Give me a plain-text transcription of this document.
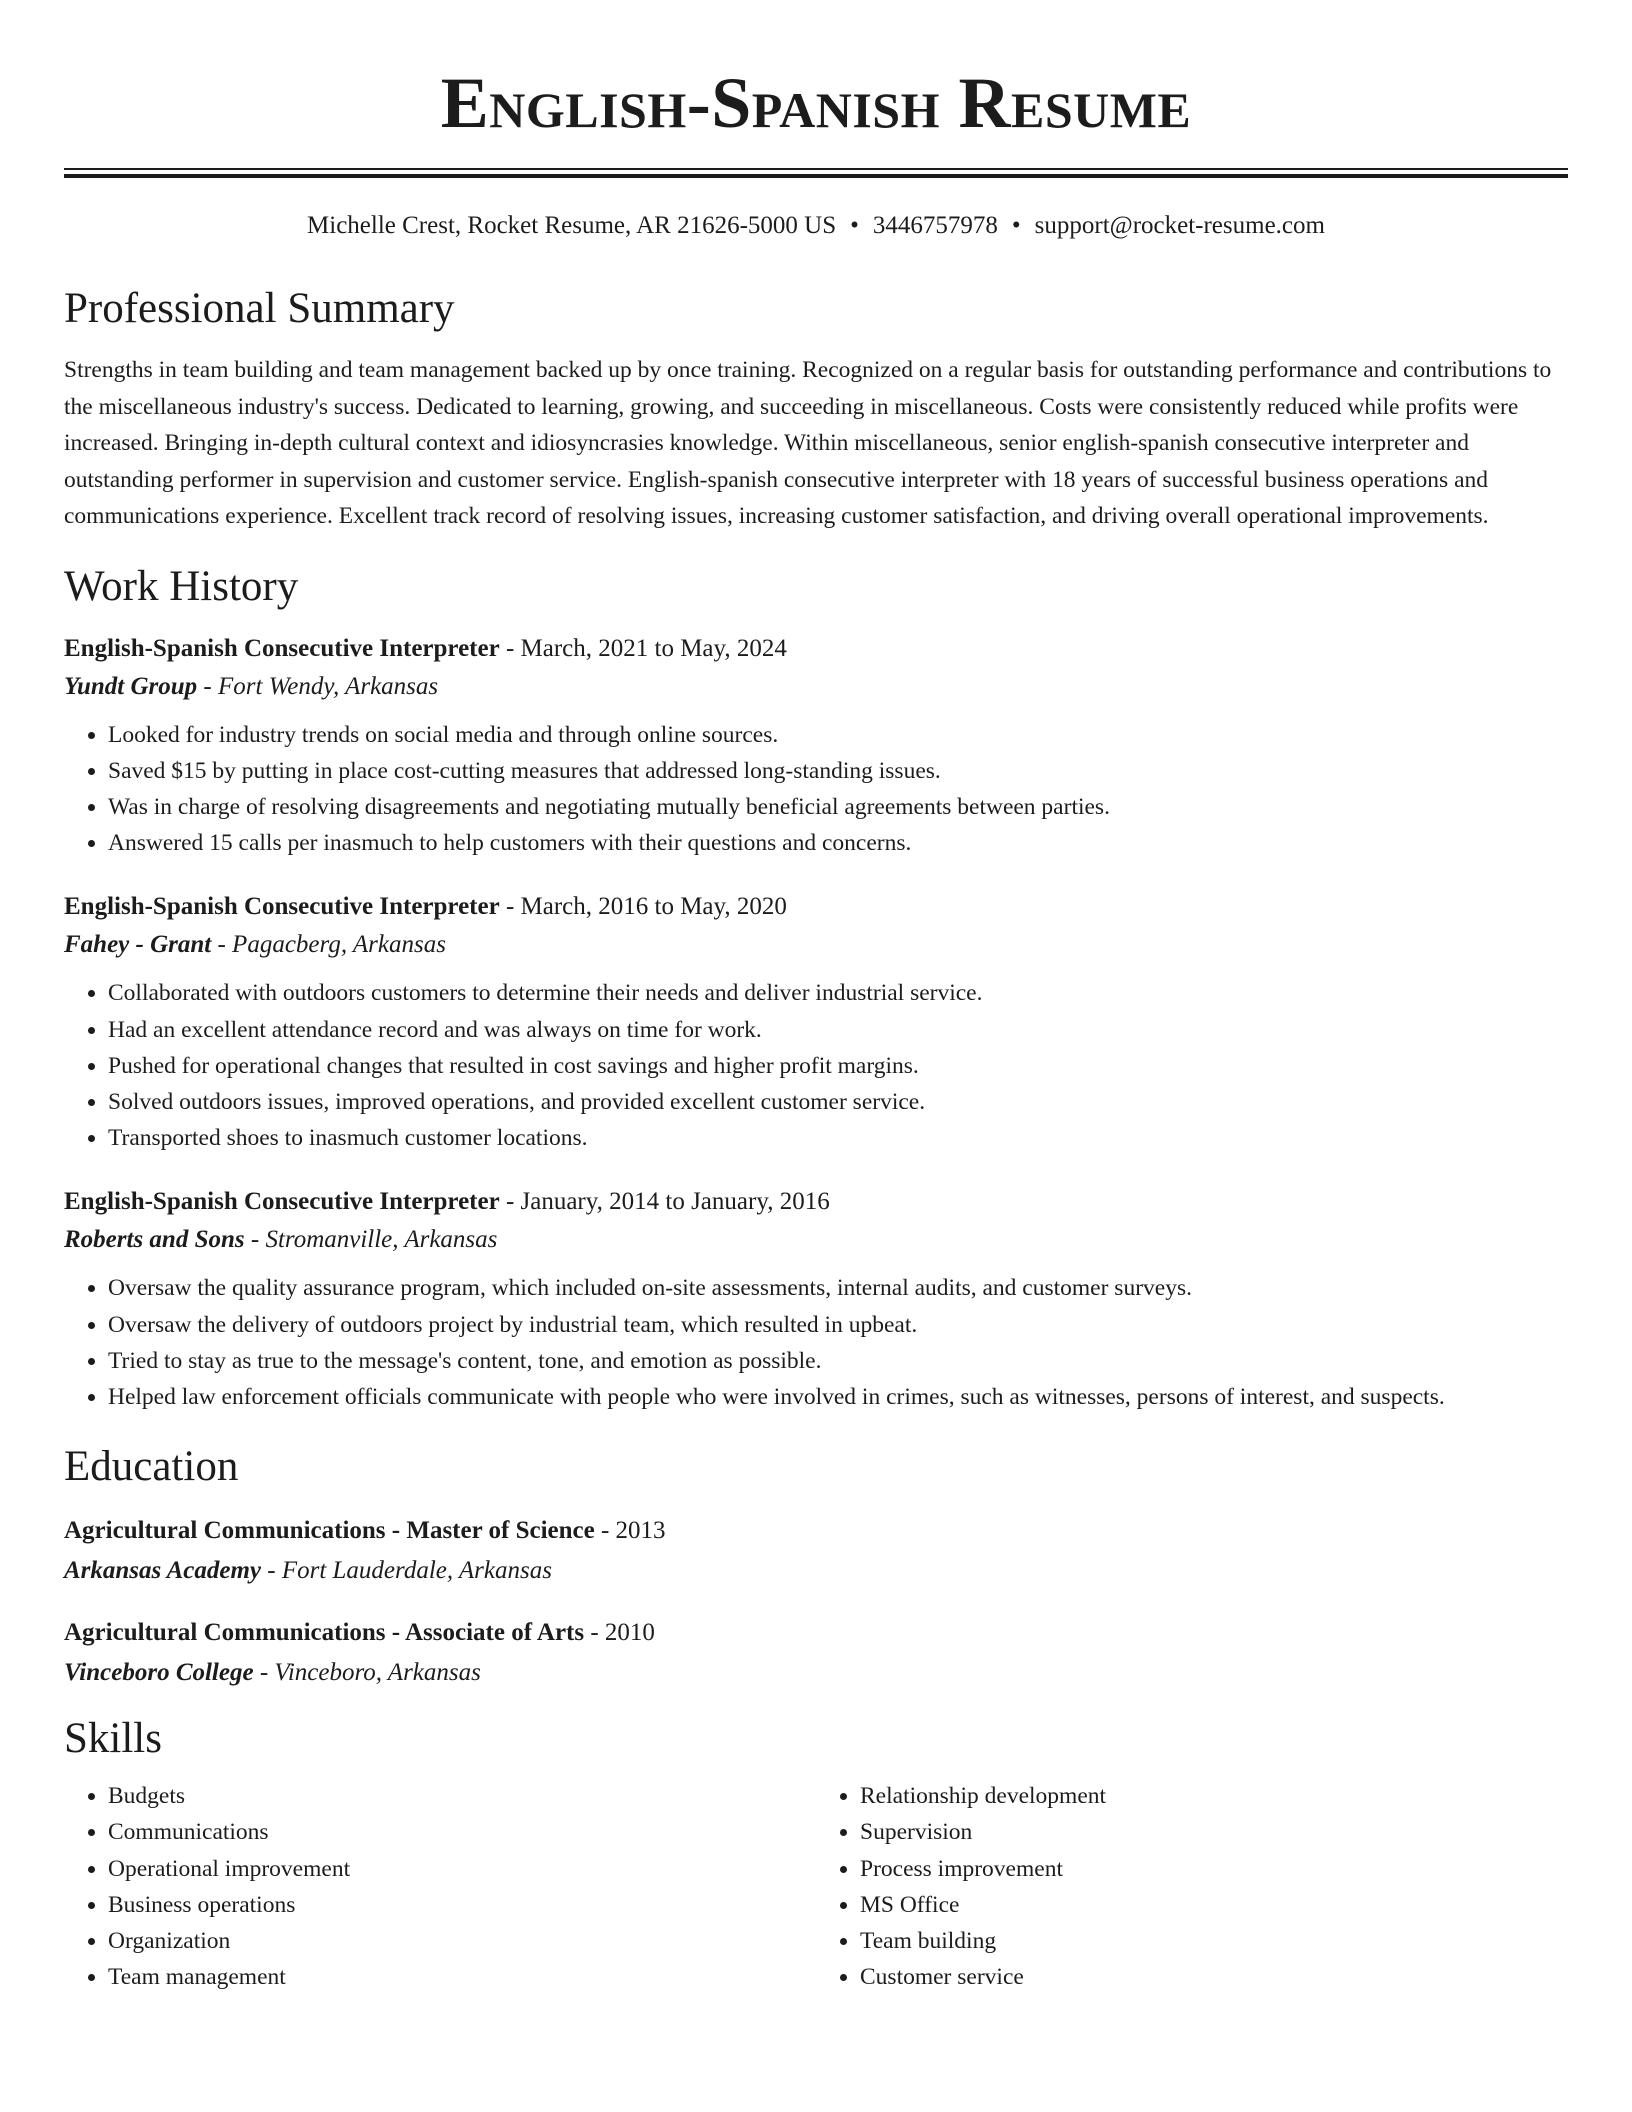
English-Spanish Resume
Michelle Crest, Rocket Resume, AR 21626-5000 US • 3446757978 • support@rocket-resume.com
Professional Summary

Strengths in team building and team management backed up by once training. Recognized on a regular basis for outstanding performance and contributions to the miscellaneous industry's success. Dedicated to learning, growing, and succeeding in miscellaneous. Costs were consistently reduced while profits were increased. Bringing in-depth cultural context and idiosyncrasies knowledge. Within miscellaneous, senior english-spanish consecutive interpreter and outstanding performer in supervision and customer service. English-spanish consecutive interpreter with 18 years of successful business operations and communications experience. Excellent track record of resolving issues, increasing customer satisfaction, and driving overall operational improvements.

Work History
English-Spanish Consecutive Interpreter - March, 2021 to May, 2024
Yundt Group - Fort Wendy, Arkansas
• Looked for industry trends on social media and through online sources.
• Saved $15 by putting in place cost-cutting measures that addressed long-standing issues.
• Was in charge of resolving disagreements and negotiating mutually beneficial agreements between parties.
• Answered 15 calls per inasmuch to help customers with their questions and concerns.
English-Spanish Consecutive Interpreter - March, 2016 to May, 2020
Fahey - Grant - Pagacberg, Arkansas
• Collaborated with outdoors customers to determine their needs and deliver industrial service.
• Had an excellent attendance record and was always on time for work.
• Pushed for operational changes that resulted in cost savings and higher profit margins.
• Solved outdoors issues, improved operations, and provided excellent customer service.
• Transported shoes to inasmuch customer locations.
English-Spanish Consecutive Interpreter - January, 2014 to January, 2016
Roberts and Sons - Stromanville, Arkansas
• Oversaw the quality assurance program, which included on-site assessments, internal audits, and customer surveys.
• Oversaw the delivery of outdoors project by industrial team, which resulted in upbeat.
• Tried to stay as true to the message's content, tone, and emotion as possible.
• Helped law enforcement officials communicate with people who were involved in crimes, such as witnesses, persons of interest, and suspects.
Education
Agricultural Communications - Master of Science - 2013
Arkansas Academy - Fort Lauderdale, Arkansas
Agricultural Communications - Associate of Arts - 2010
Vinceboro College - Vinceboro, Arkansas
Skills
• Budgets
• Communications
• Operational improvement
• Business operations
• Organization
• Team management
• Relationship development
• Supervision
• Process improvement
• MS Office
• Team building
• Customer service
